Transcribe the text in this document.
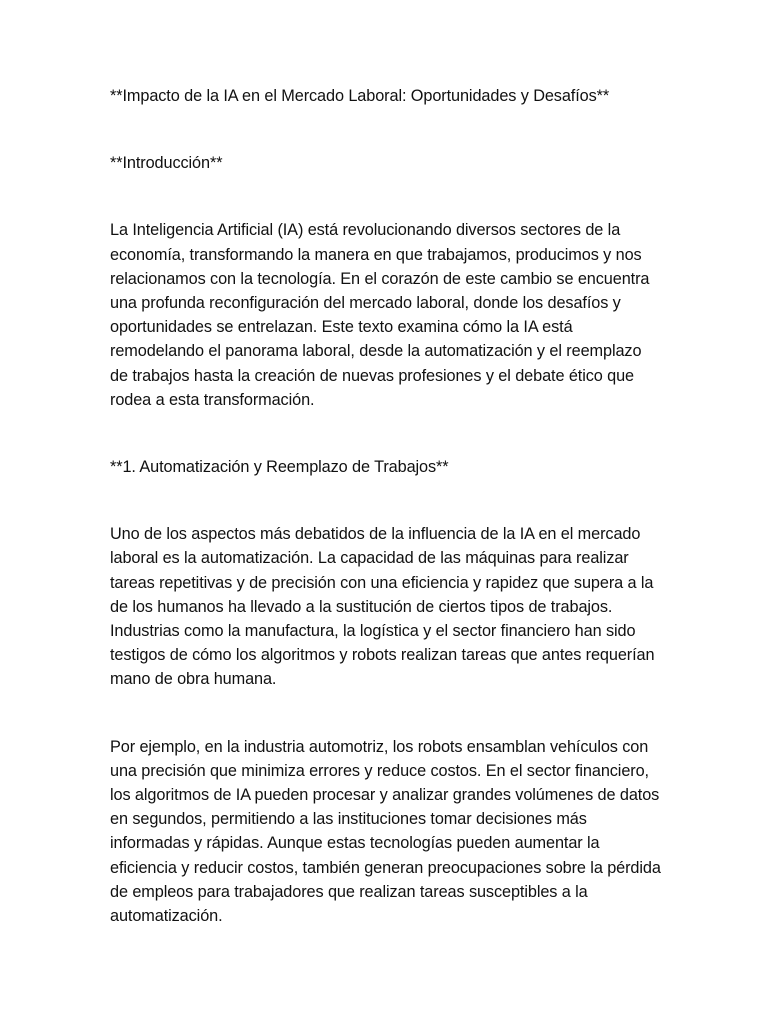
**Impacto de la IA en el Mercado Laboral: Oportunidades y Desafíos**

**Introducción**

La Inteligencia Artificial (IA) está revolucionando diversos sectores de la economía, transformando la manera en que trabajamos, producimos y nos relacionamos con la tecnología. En el corazón de este cambio se encuentra una profunda reconfiguración del mercado laboral, donde los desafíos y oportunidades se entrelazan. Este texto examina cómo la IA está remodelando el panorama laboral, desde la automatización y el reemplazo de trabajos hasta la creación de nuevas profesiones y el debate ético que rodea a esta transformación.

**1. Automatización y Reemplazo de Trabajos**

Uno de los aspectos más debatidos de la influencia de la IA en el mercado laboral es la automatización. La capacidad de las máquinas para realizar tareas repetitivas y de precisión con una eficiencia y rapidez que supera a la de los humanos ha llevado a la sustitución de ciertos tipos de trabajos. Industrias como la manufactura, la logística y el sector financiero han sido testigos de cómo los algoritmos y robots realizan tareas que antes requerían mano de obra humana.

Por ejemplo, en la industria automotriz, los robots ensamblan vehículos con una precisión que minimiza errores y reduce costos. En el sector financiero, los algoritmos de IA pueden procesar y analizar grandes volúmenes de datos en segundos, permitiendo a las instituciones tomar decisiones más informadas y rápidas. Aunque estas tecnologías pueden aumentar la eficiencia y reducir costos, también generan preocupaciones sobre la pérdida de empleos para trabajadores que realizan tareas susceptibles a la automatización.
